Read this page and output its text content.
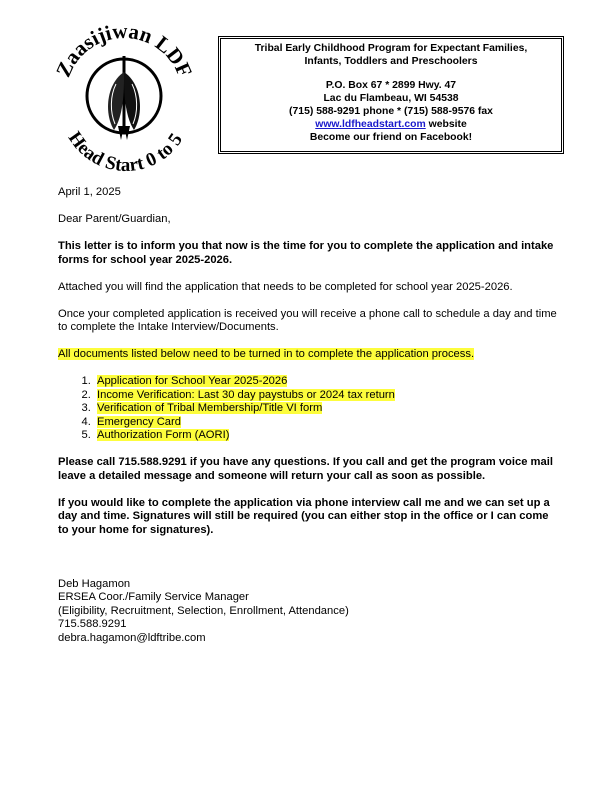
Zaasijiwan LDF
Head Start 0 to 5
Tribal Early Childhood Program for Expectant Families,
Infants, Toddlers and Preschoolers
P.O. Box 67 * 2899 Hwy. 47
Lac du Flambeau, WI 54538
(715) 588-9291 phone * (715) 588-9576 fax
www.ldfheadstart.com website
Become our friend on Facebook!

April 1, 2025

Dear Parent/Guardian,

This letter is to inform you that now is the time for you to complete the application and intake forms for school year 2025-2026.

Attached you will find the application that needs to be completed for school year 2025-2026.

Once your completed application is received you will receive a phone call to schedule a day and time to complete the Intake Interview/Documents.

All documents listed below need to be turned in to complete the application process.

1. Application for School Year 2025-2026
2. Income Verification: Last 30 day paystubs or 2024 tax return
3. Verification of Tribal Membership/Title VI form
4. Emergency Card
5. Authorization Form (AORI)

Please call 715.588.9291 if you have any questions. If you call and get the program voice mail leave a detailed message and someone will return your call as soon as possible.

If you would like to complete the application via phone interview call me and we can set up a day and time. Signatures will still be required (you can either stop in the office or I can come to your home for signatures).

Deb Hagamon

ERSEA Coor./Family Service Manager

(Eligibility, Recruitment, Selection, Enrollment, Attendance)

715.588.9291

debra.hagamon@ldftribe.com
